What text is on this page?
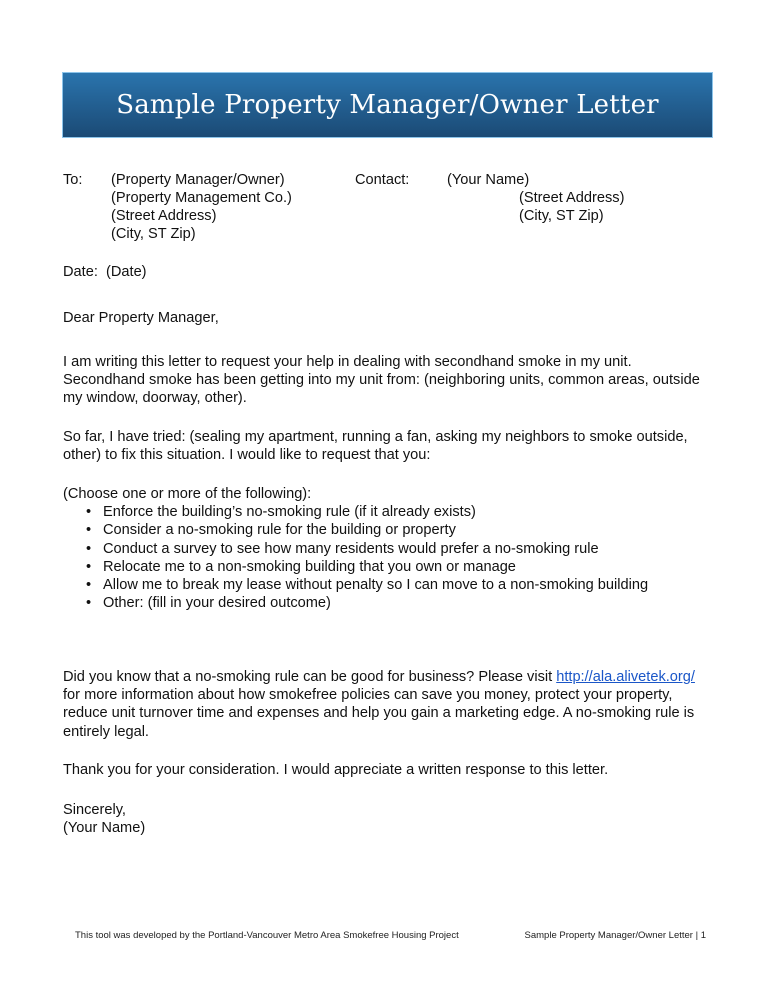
Sample Property Manager/Owner Letter
To: (Property Manager/Owner)
(Property Management Co.)
(Street Address)
(City, ST Zip)
Contact:	(Your Name)
(Street Address)
(City, ST Zip)
Date: (Date)
Dear Property Manager,

I am writing this letter to request your help in dealing with secondhand smoke in my unit. Secondhand smoke has been getting into my unit from: (neighboring units, common areas, outside my window, doorway, other).

So far, I have tried: (sealing my apartment, running a fan, asking my neighbors to smoke outside, other) to fix this situation. I would like to request that you:

(Choose one or more of the following):
• Enforce the building’s no-smoking rule (if it already exists)
• Consider a no-smoking rule for the building or property
• Conduct a survey to see how many residents would prefer a no-smoking rule
• Relocate me to a non-smoking building that you own or manage
• Allow me to break my lease without penalty so I can move to a non-smoking building
• Other: (fill in your desired outcome)

Did you know that a no-smoking rule can be good for business? Please visit http://ala.alivetek.org/ for more information about how smokefree policies can save you money, protect your property, reduce unit turnover time and expenses and help you gain a marketing edge. A no-smoking rule is entirely legal.

Thank you for your consideration. I would appreciate a written response to this letter.

Sincerely,
(Your Name)
This tool was developed by the Portland-Vancouver Metro Area Smokefree Housing Project	Sample Property Manager/Owner Letter | 1
